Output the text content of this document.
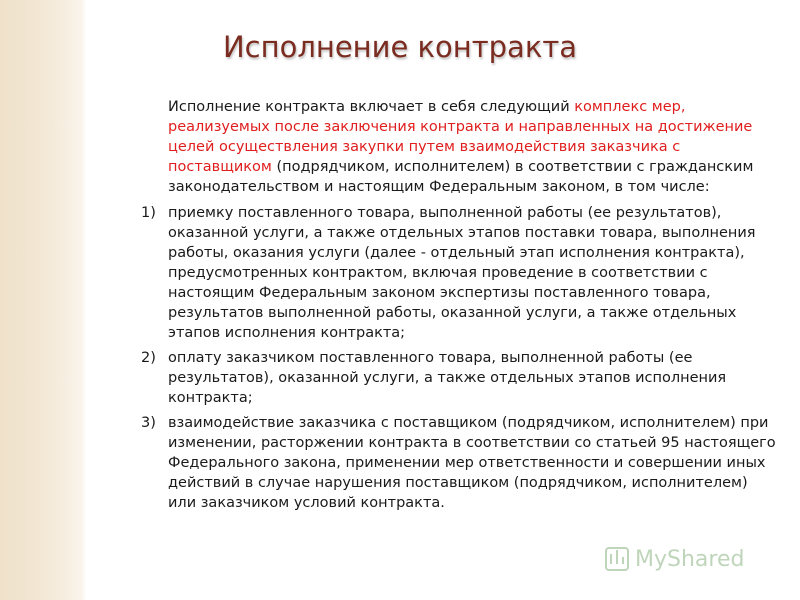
Исполнение контракта

Исполнение контракта включает в себя следующий комплекс мер, реализуемых после заключения контракта и направленных на достижение целей осуществления закупки путем взаимодействия заказчика с поставщиком (подрядчиком, исполнителем) в соответствии с гражданским законодательством и настоящим Федеральным законом, в том числе:

1) приемку поставленного товара, выполненной работы (ее результатов), оказанной услуги, а также отдельных этапов поставки товара, выполнения работы, оказания услуги (далее - отдельный этап исполнения контракта), предусмотренных контрактом, включая проведение в соответствии с настоящим Федеральным законом экспертизы поставленного товара, результатов выполненной работы, оказанной услуги, а также отдельных этапов исполнения контракта;

2) оплату заказчиком поставленного товара, выполненной работы (ее результатов), оказанной услуги, а также отдельных этапов исполнения контракта;

3) взаимодействие заказчика с поставщиком (подрядчиком, исполнителем) при изменении, расторжении контракта в соответствии со статьей 95 настоящего Федерального закона, применении мер ответственности и совершении иных действий в случае нарушения поставщиком (подрядчиком, исполнителем) или заказчиком условий контракта.

MyShared
